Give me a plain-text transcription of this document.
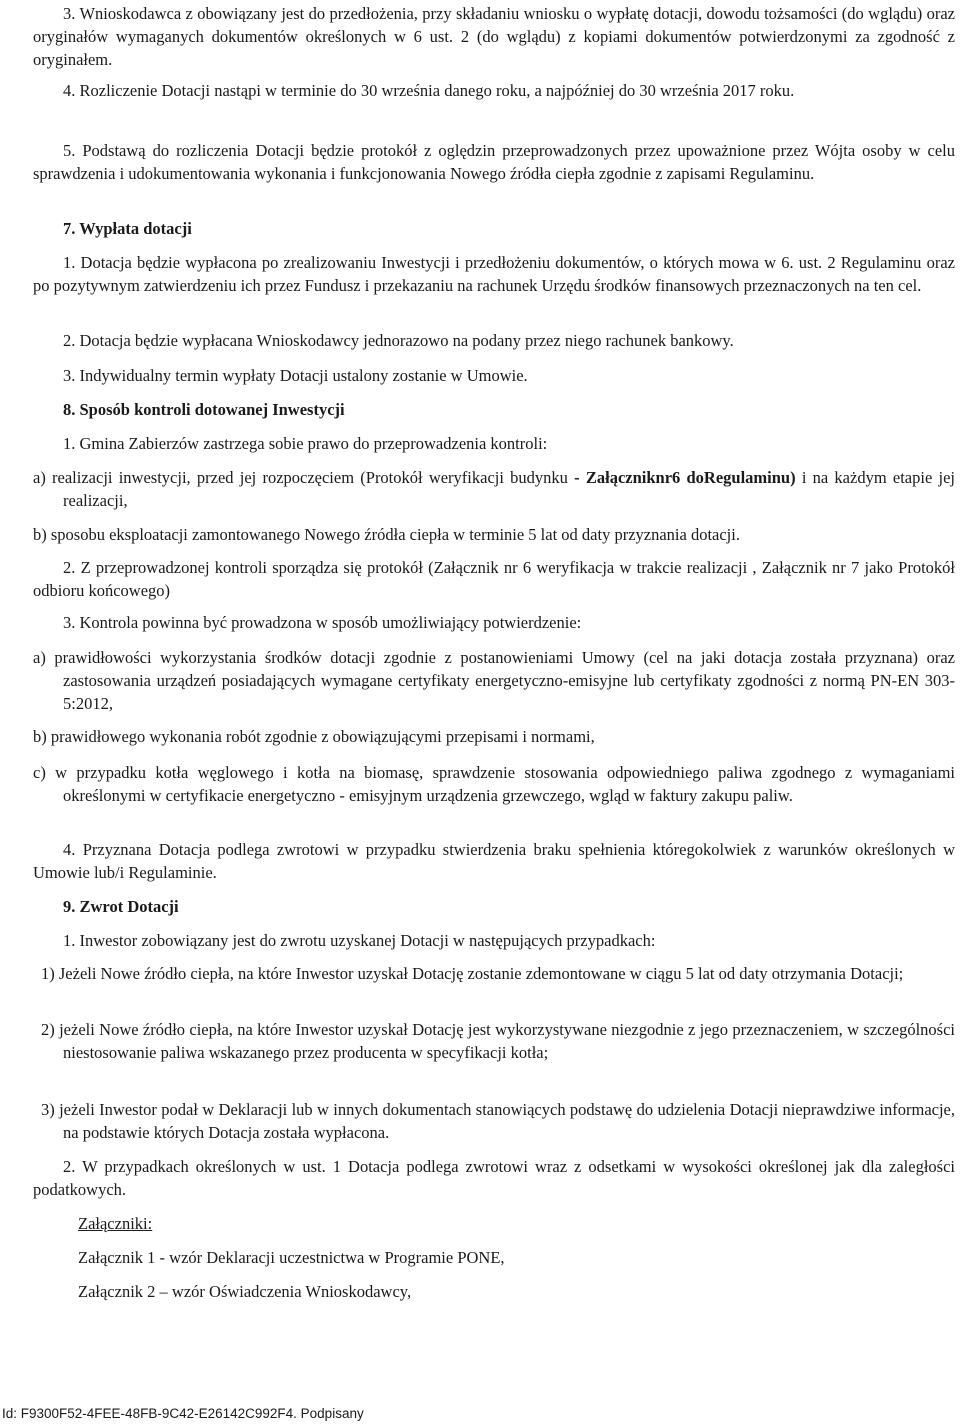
3. Wnioskodawca z obowiązany jest do przedłożenia, przy składaniu wniosku o wypłatę dotacji, dowodu tożsamości (do wglądu) oraz oryginałów wymaganych dokumentów określonych w 6 ust. 2 (do wglądu) z kopiami dokumentów potwierdzonymi za zgodność z oryginałem.

4. Rozliczenie Dotacji nastąpi w terminie do 30 września danego roku, a najpóźniej do 30 września 2017 roku.

5. Podstawą do rozliczenia Dotacji będzie protokół z oględzin przeprowadzonych przez upoważnione przez Wójta osoby w celu sprawdzenia i udokumentowania wykonania i funkcjonowania Nowego źródła ciepła zgodnie z zapisami Regulaminu.

7. Wypłata dotacji

1. Dotacja będzie wypłacona po zrealizowaniu Inwestycji i przedłożeniu dokumentów, o których mowa w 6. ust. 2 Regulaminu oraz po pozytywnym zatwierdzeniu ich przez Fundusz i przekazaniu na rachunek Urzędu środków finansowych przeznaczonych na ten cel.

2. Dotacja będzie wypłacana Wnioskodawcy jednorazowo na podany przez niego rachunek bankowy.

3. Indywidualny termin wypłaty Dotacji ustalony zostanie w Umowie.

8. Sposób kontroli dotowanej Inwestycji

1. Gmina Zabierzów zastrzega sobie prawo do przeprowadzenia kontroli:

a) realizacji inwestycji, przed jej rozpoczęciem (Protokół weryfikacji budynku - Załączniknr6 doRegulaminu) i na każdym etapie jej realizacji,

b) sposobu eksploatacji zamontowanego Nowego źródła ciepła w terminie 5 lat od daty przyznania dotacji.

2. Z przeprowadzonej kontroli sporządza się protokół (Załącznik nr 6 weryfikacja w trakcie realizacji , Załącznik nr 7 jako Protokół odbioru końcowego)

3. Kontrola powinna być prowadzona w sposób umożliwiający potwierdzenie:

a) prawidłowości wykorzystania środków dotacji zgodnie z postanowieniami Umowy (cel na jaki dotacja została przyznana) oraz zastosowania urządzeń posiadających wymagane certyfikaty energetyczno-emisyjne lub certyfikaty zgodności z normą PN-EN 303-5:2012,

b) prawidłowego wykonania robót zgodnie z obowiązującymi przepisami i normami,

c) w przypadku kotła węglowego i kotła na biomasę, sprawdzenie stosowania odpowiedniego paliwa zgodnego z wymaganiami określonymi w certyfikacie energetyczno - emisyjnym urządzenia grzewczego, wgląd w faktury zakupu paliw.

4. Przyznana Dotacja podlega zwrotowi w przypadku stwierdzenia braku spełnienia któregokolwiek z warunków określonych w Umowie lub/i Regulaminie.

9. Zwrot Dotacji

1. Inwestor zobowiązany jest do zwrotu uzyskanej Dotacji w następujących przypadkach:

1) Jeżeli Nowe źródło ciepła, na które Inwestor uzyskał Dotację zostanie zdemontowane w ciągu 5 lat od daty otrzymania Dotacji;

2) jeżeli Nowe źródło ciepła, na które Inwestor uzyskał Dotację jest wykorzystywane niezgodnie z jego przeznaczeniem, w szczególności niestosowanie paliwa wskazanego przez producenta w specyfikacji kotła;

3) jeżeli Inwestor podał w Deklaracji lub w innych dokumentach stanowiących podstawę do udzielenia Dotacji nieprawdziwe informacje, na podstawie których Dotacja została wypłacona.

2. W przypadkach określonych w ust. 1 Dotacja podlega zwrotowi wraz z odsetkami w wysokości określonej jak dla zaległości podatkowych.

Załączniki:

Załącznik 1 - wzór Deklaracji uczestnictwa w Programie PONE,

Załącznik 2 – wzór Oświadczenia Wnioskodawcy,

Id: F9300F52-4FEE-48FB-9C42-E26142C992F4. Podpisany
